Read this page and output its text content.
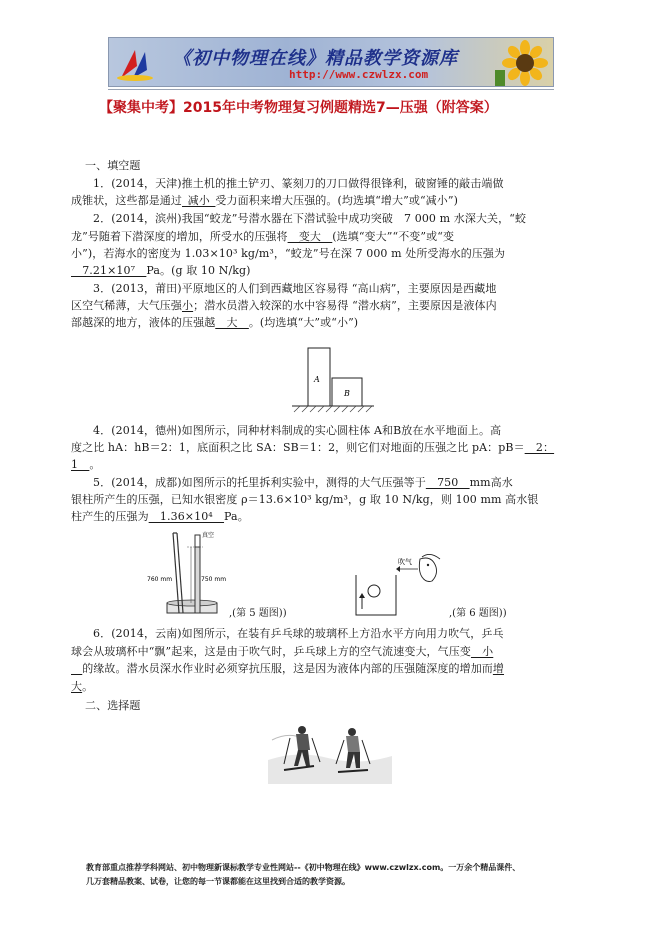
《初中物理在线》精品教学资源库
http://www.czwlzx.com
【聚集中考】2015年中考物理复习例题精选7—压强（附答案）
一、填空题
1．(2014，天津)推土机的推土铲刃、篆刻刀的刀口做得很锋利，破窗锤的敲击端做
成锥状，这些都是通过_减小_受力面积来增大压强的。(均选填“增大”或“减小”)
2．(2014，滨州)我国“蛟龙”号潜水器在下潜试验中成功突破　7 000 m 水深大关，“蛟
龙”号随着下潜深度的增加，所受水的压强将__变大__(选填“变大”“不变”或“变
小”)，若海水的密度为 1.03×10³ kg/m³，“蛟龙”号在深 7 000 m 处所受海水的压强为
__7.21×10⁷__Pa。(g 取 10 N/kg)
3．(2013，莆田)平原地区的人们到西藏地区容易得 “高山病”，主要原因是西藏地
区空气稀薄，大气压强小；潜水员潜入较深的水中容易得 “潜水病”，主要原因是液体内
部越深的地方，液体的压强越__大__。(均选填“大”或“小”)
A
B
4．(2014，德州)如图所示，同种材料制成的实心圆柱体 A和B放在水平地面上。高
度之比 hA：hB＝2：1，底面积之比 SA：SB＝1：2，则它们对地面的压强之比 pA：pB＝__2：
1__。
5．(2014，成都)如图所示的托里拆利实验中，测得的大气压强等于__750__mm高水
银柱所产生的压强，已知水银密度 ρ＝13.6×10³ kg/m³，g 取 10 N/kg，则 100 mm 高水银
柱产生的压强为__1.36×10⁴__Pa。
真空
760 mm	750 mm
,(第 5 题图))
吹气
,(第 6 题图))
6．(2014，云南)如图所示，在装有乒乓球的玻璃杯上方沿水平方向用力吹气，乒乓
球会从玻璃杯中“飘”起来，这是由于吹气时，乒乓球上方的空气流速变大，气压变__小
__的缘故。潜水员深水作业时必须穿抗压服，这是因为液体内部的压强随深度的增加而增
大。
二、选择题
教育部重点推荐学科网站、初中物理新课标教学专业性网站--《初中物理在线》www.czwlzx.com。一万余个精品课件、
几万套精品教案、试卷，让您的每一节课都能在这里找到合适的教学资源。
